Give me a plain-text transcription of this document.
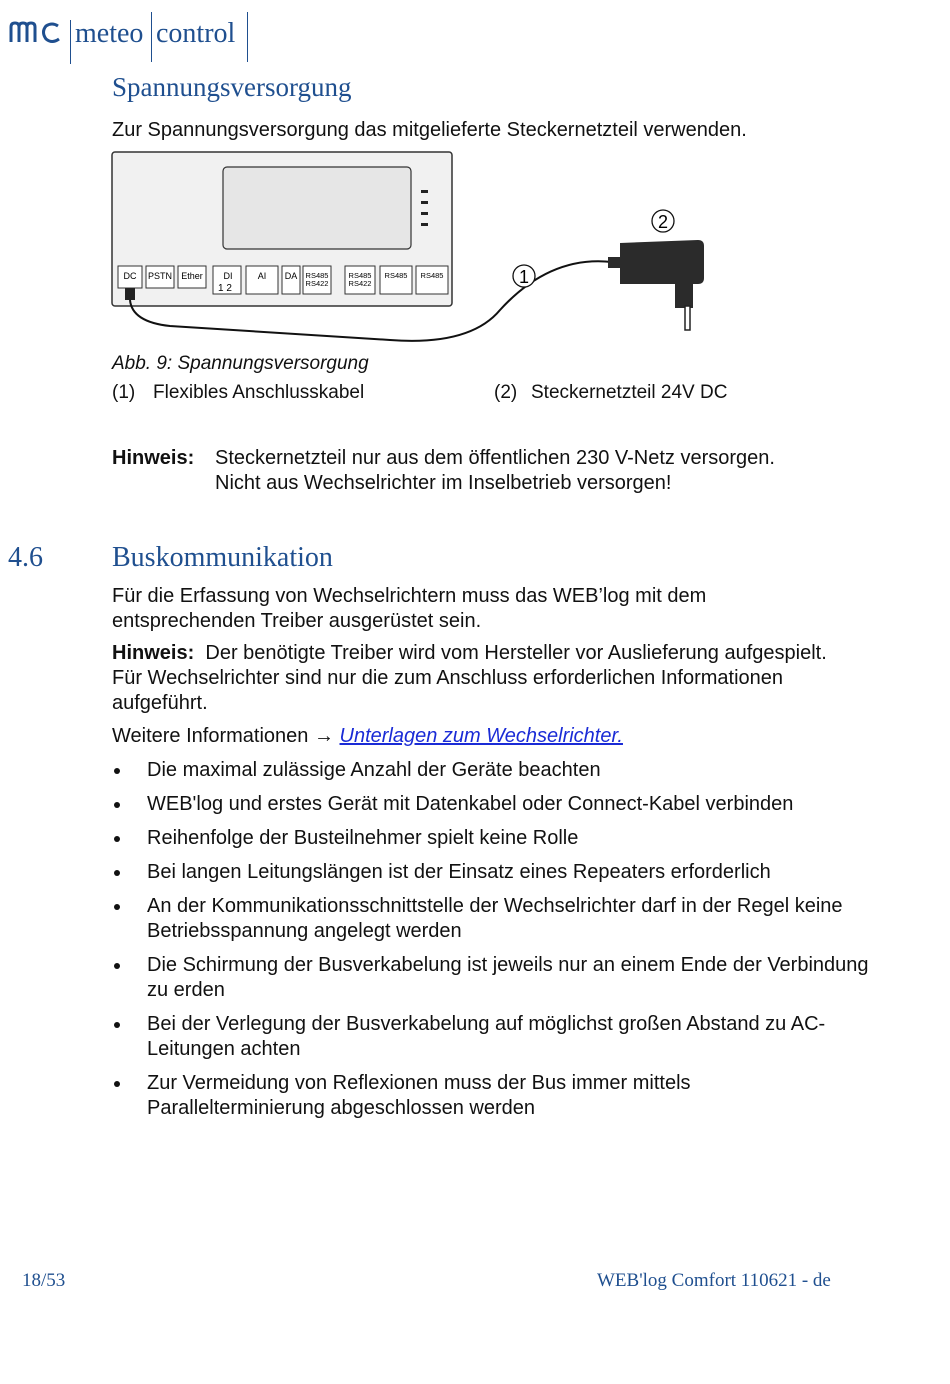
meteo control
Spannungsversorgung
Zur Spannungsversorgung das mitgelieferte Steckernetzteil verwenden.
DC PSTN Ether DI
1 2
AI DA RS485
RS422
RS485
RS422
RS485 RS485	1
2
Abb. 9: Spannungsversorgung
(1) Flexibles Anschlusskabel	(2) Steckernetzteil 24V DC
Hinweis: Steckernetzteil nur aus dem öffentlichen 230 V-Netz versorgen.
Nicht aus Wechselrichter im Inselbetrieb versorgen!
4.6 Buskommunikation
Für die Erfassung von Wechselrichtern muss das WEB’log mit dem entsprechenden Treiber ausgerüstet sein.
Hinweis: Der benötigte Treiber wird vom Hersteller vor Auslieferung aufgespielt. Für Wechselrichter sind nur die zum Anschluss erforderlichen Informationen aufgeführt.
Weitere Informationen → Unterlagen zum Wechselrichter.
Die maximal zulässige Anzahl der Geräte beachten
WEB'log und erstes Gerät mit Datenkabel oder Connect-Kabel verbinden
Reihenfolge der Busteilnehmer spielt keine Rolle
Bei langen Leitungslängen ist der Einsatz eines Repeaters erforderlich
An der Kommunikationsschnittstelle der Wechselrichter darf in der Regel keine Betriebsspannung angelegt werden
Die Schirmung der Busverkabelung ist jeweils nur an einem Ende der Verbindung zu erden
Bei der Verlegung der Busverkabelung auf möglichst großen Abstand zu AC-Leitungen achten
Zur Vermeidung von Reflexionen muss der Bus immer mittels Parallelterminierung abgeschlossen werden
18/53	WEB'log Comfort 110621 - de
